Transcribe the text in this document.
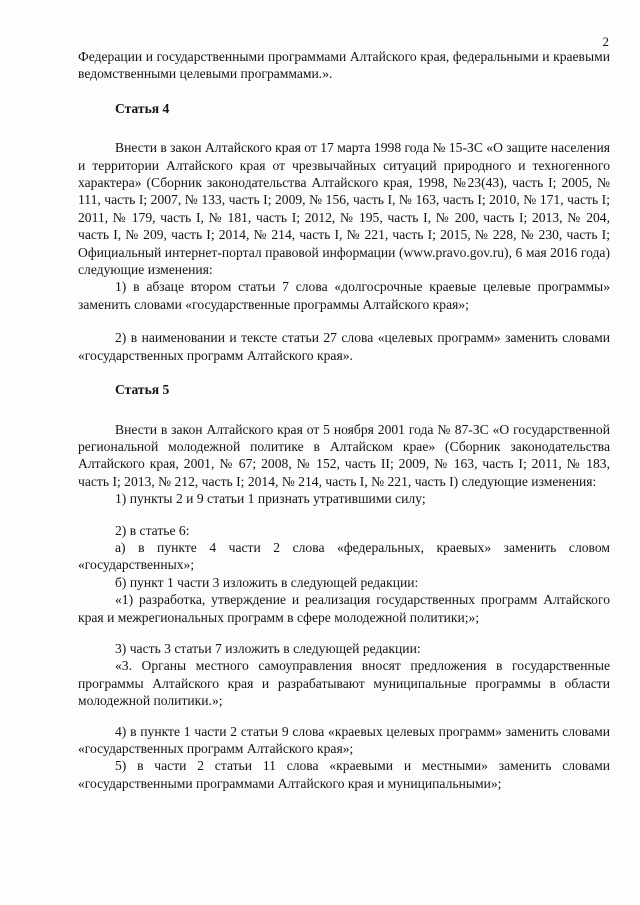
2

Федерации и государственными программами Алтайского края, федеральными и краевыми ведомственными целевыми программами.».

Статья 4

Внести в закон Алтайского края от 17 марта 1998 года № 15-ЗС «О защите населения и территории Алтайского края от чрезвычайных ситуаций природного и техногенного характера» (Сборник законодательства Алтайского края, 1998, №23(43), часть I; 2005, № 111, часть I; 2007, № 133, часть I; 2009, № 156, часть I, № 163, часть I; 2010, № 171, часть I; 2011, № 179, часть I, № 181, часть I; 2012, № 195, часть I, № 200, часть I; 2013, № 204, часть I, № 209, часть I; 2014, № 214, часть I, № 221, часть I; 2015, № 228, № 230, часть I; Официальный интернет-портал правовой информации (www.pravo.gov.ru), 6 мая 2016 года) следующие изменения:

1) в абзаце втором статьи 7 слова «долгосрочные краевые целевые программы» заменить словами «государственные программы Алтайского края»;

2) в наименовании и тексте статьи 27 слова «целевых программ» заменить словами «государственных программ Алтайского края».

Статья 5

Внести в закон Алтайского края от 5 ноября 2001 года № 87-ЗС «О государственной региональной молодежной политике в Алтайском крае» (Сборник законодательства Алтайского края, 2001, № 67; 2008, № 152, часть II; 2009, № 163, часть I; 2011, № 183, часть I; 2013, № 212, часть I; 2014, № 214, часть I, № 221, часть I) следующие изменения:

1) пункты 2 и 9 статьи 1 признать утратившими силу;

2) в статье 6:

а) в пункте 4 части 2 слова «федеральных, краевых» заменить словом «государственных»;

б) пункт 1 части 3 изложить в следующей редакции:

«1) разработка, утверждение и реализация государственных программ Алтайского края и межрегиональных программ в сфере молодежной политики;»;

3) часть 3 статьи 7 изложить в следующей редакции:

«3. Органы местного самоуправления вносят предложения в государственные программы Алтайского края и разрабатывают муниципальные программы в области молодежной политики.»;

4) в пункте 1 части 2 статьи 9 слова «краевых целевых программ» заменить словами «государственных программ Алтайского края»;

5) в части 2 статьи 11 слова «краевыми и местными» заменить словами «государственными программами Алтайского края и муниципальными»;
